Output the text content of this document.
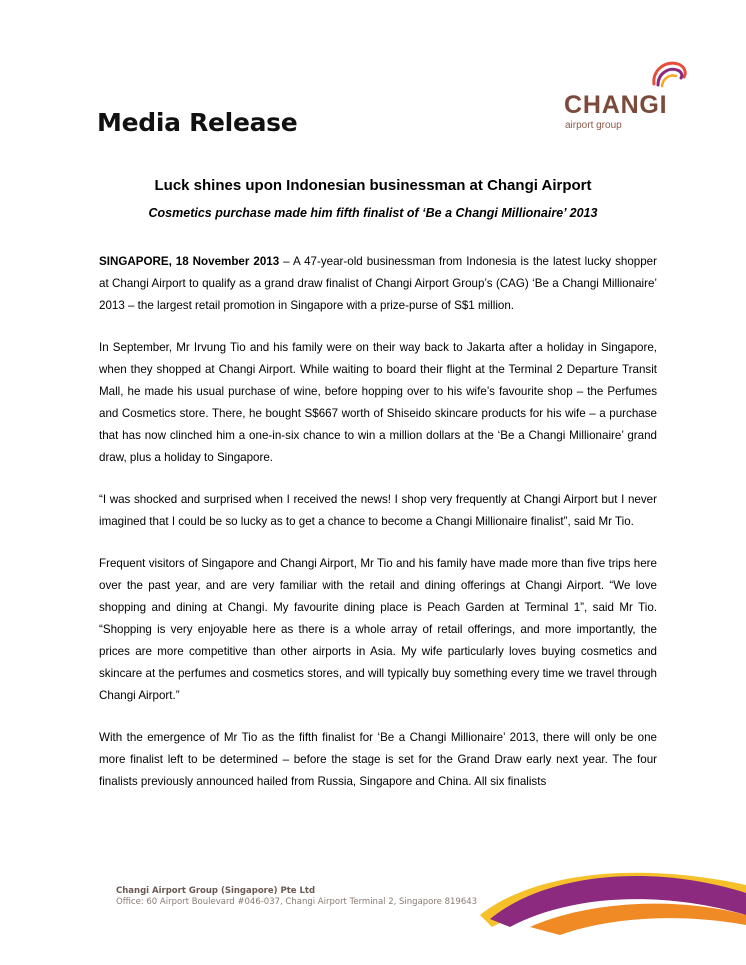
Media Release
CHANGI
airport group
Luck shines upon Indonesian businessman at Changi Airport
Cosmetics purchase made him fifth finalist of ‘Be a Changi Millionaire’ 2013

SINGAPORE, 18 November 2013 – A 47-year-old businessman from Indonesia is the latest lucky shopper at Changi Airport to qualify as a grand draw finalist of Changi Airport Group’s (CAG) ‘Be a Changi Millionaire’ 2013 – the largest retail promotion in Singapore with a prize-purse of S$1 million.

In September, Mr Irvung Tio and his family were on their way back to Jakarta after a holiday in Singapore, when they shopped at Changi Airport. While waiting to board their flight at the Terminal 2 Departure Transit Mall, he made his usual purchase of wine, before hopping over to his wife’s favourite shop – the Perfumes and Cosmetics store. There, he bought S$667 worth of Shiseido skincare products for his wife – a purchase that has now clinched him a one-in-six chance to win a million dollars at the ‘Be a Changi Millionaire’ grand draw, plus a holiday to Singapore.

“I was shocked and surprised when I received the news! I shop very frequently at Changi Airport but I never imagined that I could be so lucky as to get a chance to become a Changi Millionaire finalist”, said Mr Tio.

Frequent visitors of Singapore and Changi Airport, Mr Tio and his family have made more than five trips here over the past year, and are very familiar with the retail and dining offerings at Changi Airport. “We love shopping and dining at Changi. My favourite dining place is Peach Garden at Terminal 1”, said Mr Tio. “Shopping is very enjoyable here as there is a whole array of retail offerings, and more importantly, the prices are more competitive than other airports in Asia. My wife particularly loves buying cosmetics and skincare at the perfumes and cosmetics stores, and will typically buy something every time we travel through Changi Airport.”

With the emergence of Mr Tio as the fifth finalist for ‘Be a Changi Millionaire’ 2013, there will only be one more finalist left to be determined – before the stage is set for the Grand Draw early next year. The four finalists previously announced hailed from Russia, Singapore and China. All six finalists

Changi Airport Group (Singapore) Pte Ltd
Office: 60 Airport Boulevard #046-037, Changi Airport Terminal 2, Singapore 819643
